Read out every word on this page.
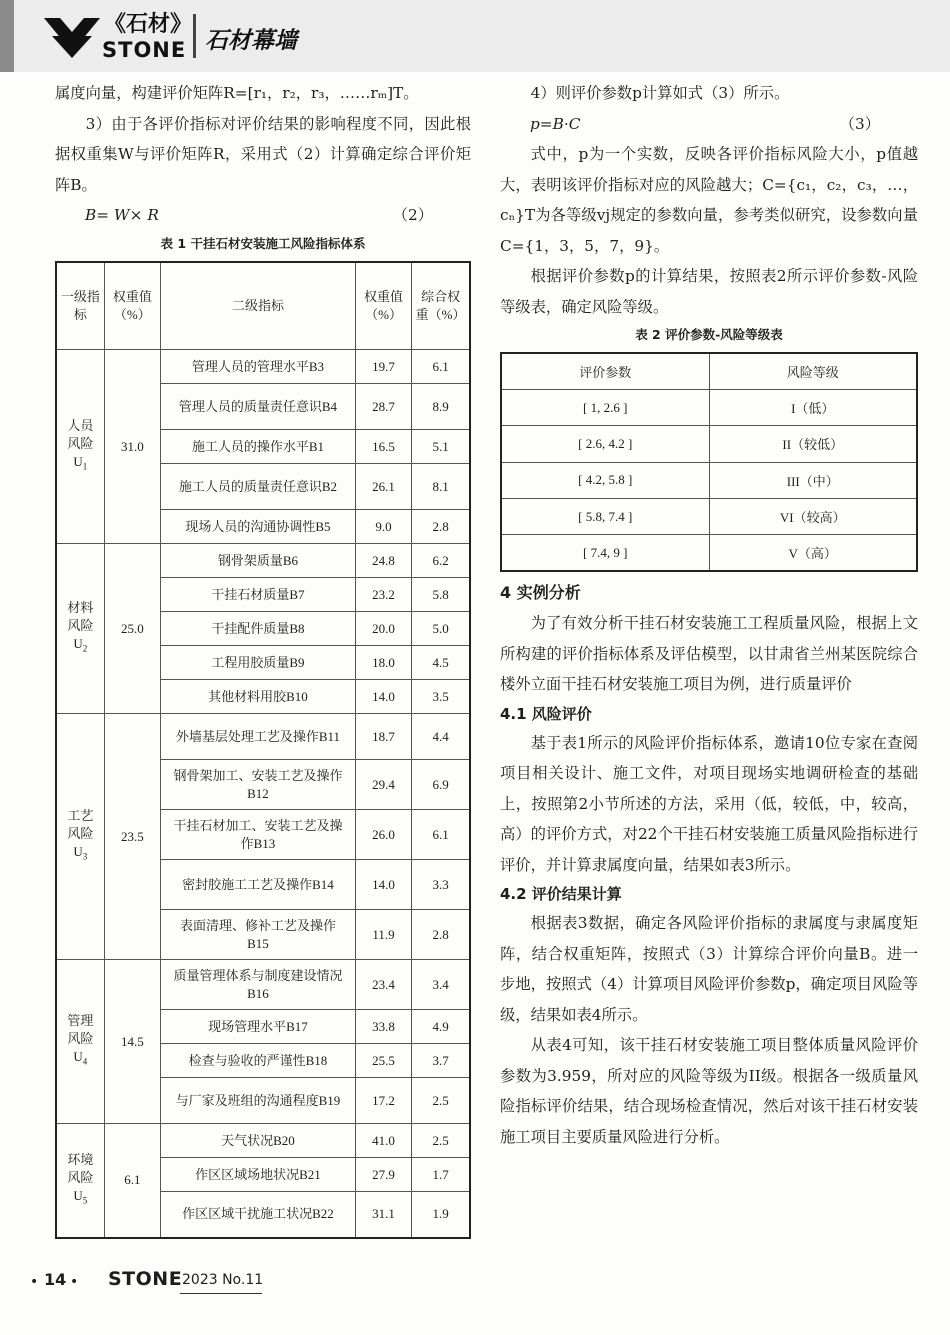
《石材》
STONE 石材幕墙

属度向量，构建评价矩阵R=[r₁，r₂，r₃，……rₘ]T。

3）由于各评价指标对评价结果的影响程度不同，因此根据权重集W与评价矩阵R，采用式（2）计算确定综合评价矩阵B。

B= W× R	（2）
表 1 干挂石材安装施工风险指标体系
一级指标	权重值（%）	二级指标	权重值（%）	综合权重（%）

人员风险
$U_1$	31.0	管理人员的管理水平B3	19.7	6.1
		管理人员的质量责任意识B4	28.7	8.9
		施工人员的操作水平B1	16.5	5.1
		施工人员的质量责任意识B2	26.1	8.1
		现场人员的沟通协调性B5	9.0	2.8

材料风险
$U_2$	25.0	钢骨架质量B6	24.8	6.2
		干挂石材质量B7	23.2	5.8
		干挂配件质量B8	20.0	5.0
		工程用胶质量B9	18.0	4.5
		其他材料用胶B10	14.0	3.5

工艺风险
$U_3$	23.5	外墙基层处理工艺及操作B11	18.7	4.4
		钢骨架加工、安装工艺及操作B12	29.4	6.9
		干挂石材加工、安装工艺及操作B13	26.0	6.1
		密封胶施工工艺及操作B14	14.0	3.3
		表面清理、修补工艺及操作B15	11.9	2.8

管理风险
$U_4$	14.5	质量管理体系与制度建设情况B16	23.4	3.4
		现场管理水平B17	33.8	4.9
		检查与验收的严谨性B18	25.5	3.7
		与厂家及班组的沟通程度B19	17.2	2.5

环境风险
$U_5$	6.1	天气状况B20	41.0	2.5
		作区区域场地状况B21	27.9	1.7
		作区区域干扰施工状况B22	31.1	1.9

4）则评价参数p计算如式（3）所示。

p=B·C	（3）

式中，p为一个实数，反映各评价指标风险大小，p值越大，表明该评价指标对应的风险越大；C={c₁，c₂，c₃，…，cₙ}T为各等级vj规定的参数向量，参考类似研究，设参数向量C={1，3，5，7，9}。

根据评价参数p的计算结果，按照表2所示评价参数-风险等级表，确定风险等级。

表 2 评价参数-风险等级表
评价参数	风险等级
[ 1, 2.6 ]	I（低）
[ 2.6, 4.2 ]	II（较低）
[ 4.2, 5.8 ]	III（中）
[ 5.8, 7.4 ]	VI（较高）
[ 7.4, 9 ]	V（高）
4 实例分析

为了有效分析干挂石材安装施工工程质量风险，根据上文所构建的评价指标体系及评估模型，以甘肃省兰州某医院综合楼外立面干挂石材安装施工项目为例，进行质量评价

4.1 风险评价

基于表1所示的风险评价指标体系，邀请10位专家在查阅项目相关设计、施工文件，对项目现场实地调研检查的基础上，按照第2小节所述的方法，采用（低，较低，中，较高，高）的评价方式，对22个干挂石材安装施工质量风险指标进行评价，并计算隶属度向量，结果如表3所示。

4.2 评价结果计算

根据表3数据，确定各风险评价指标的隶属度与隶属度矩阵，结合权重矩阵，按照式（3）计算综合评价向量B。进一步地，按照式（4）计算项目风险评价参数p，确定项目风险等级，结果如表4所示。

从表4可知，该干挂石材安装施工项目整体质量风险评价参数为3.959，所对应的风险等级为II级。根据各一级质量风险指标评价结果，结合现场检查情况，然后对该干挂石材安装施工项目主要质量风险进行分析。

• 14 • STONE 2023 No.11
